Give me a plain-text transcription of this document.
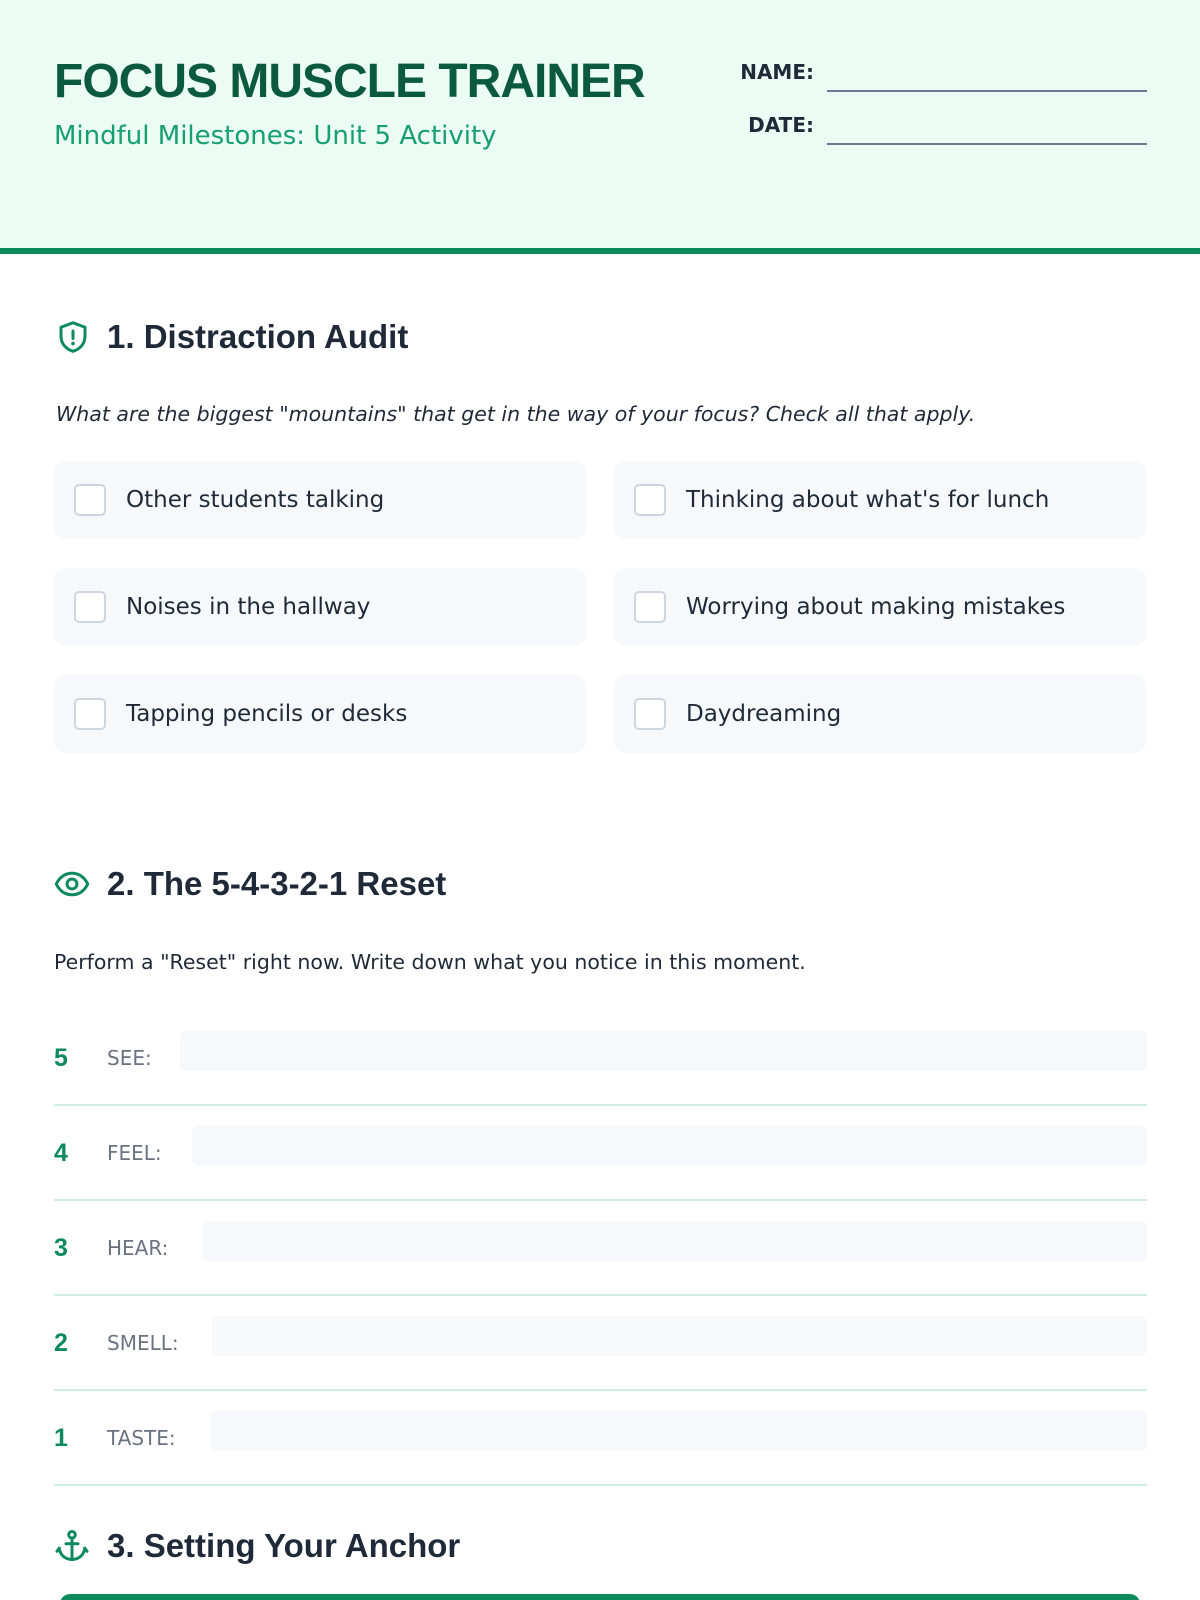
FOCUS MUSCLE TRAINER
Mindful Milestones: Unit 5 Activity
NAME:
DATE:
1. Distraction Audit
What are the biggest "mountains" that get in the way of your focus? Check all that apply.
Other students talking	Thinking about what's for lunch
Noises in the hallway	Worrying about making mistakes
Tapping pencils or desks	Daydreaming
2. The 5-4-3-2-1 Reset
Perform a "Reset" right now. Write down what you notice in this moment.
5 SEE:
4 FEEL:
3 HEAR:
2 SMELL:
1 TASTE:
3. Setting Your Anchor
